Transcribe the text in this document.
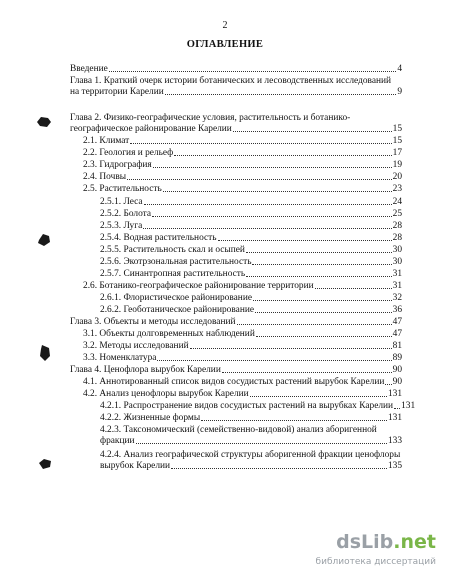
2
ОГЛАВЛЕНИЕ
Введение	4
Глава 1. Краткий очерк истории ботанических и лесоводственных исследований
на территории Карелии	9
Глава 2. Физико-географические условия, растительность и ботанико-
географическое районирование Карелии	15
2.1. Климат	15
2.2. Геология и рельеф	17
2.3. Гидрография	19
2.4. Почвы	20
2.5. Растительность	23
2.5.1. Леса	24
2.5.2. Болота	25
2.5.3. Луга	28
2.5.4. Водная растительность	28
2.5.5. Растительность скал и осыпей	30
2.5.6. Экотрзональная растительность	30
2.5.7. Синантропная растительность	31
2.6. Ботанико-географическое районирование территории	31
2.6.1. Флористическое районирование	32
2.6.2. Геоботаническое районирование	36
Глава 3. Объекты и методы исследований	47
3.1. Объекты долговременных наблюдений	47
3.2. Методы исследований	81
3.3. Номенклатура	89
Глава 4. Ценофлора вырубок Карелии	90
4.1. Аннотированный список видов сосудистых растений вырубок Карелии 90
4.2. Анализ ценофлоры вырубок Карелии	131
4.2.1. Распространение видов сосудистых растений на вырубках Карелии 131
4.2.2. Жизненные формы	131
4.2.3. Таксономический (семейственно-видовой) анализ аборигенной
фракции	133
4.2.4. Анализ географической структуры аборигенной фракции ценофлоры
вырубок Карелии	135
dsLib.net
библиотека диссертаций
